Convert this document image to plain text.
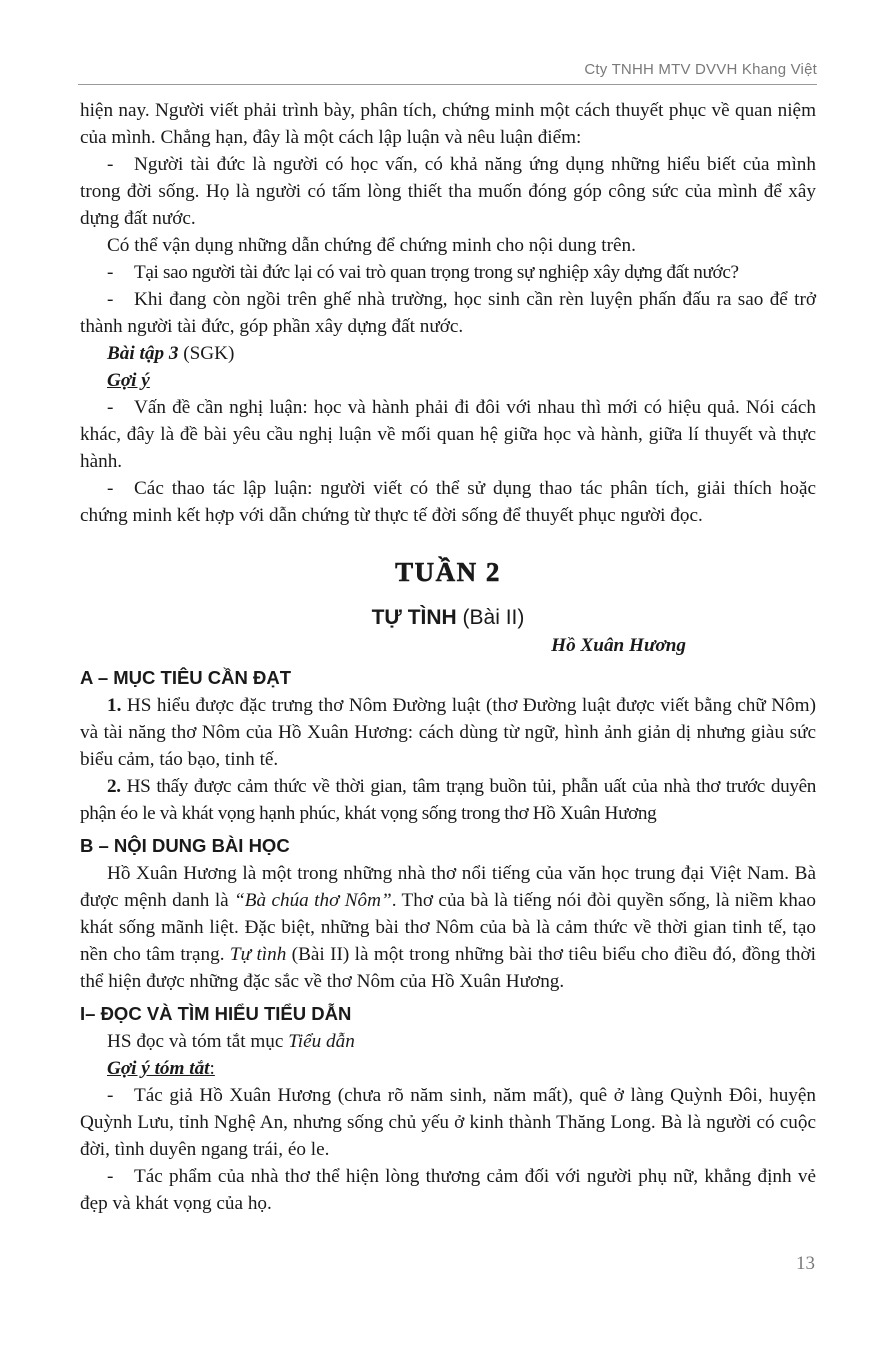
Cty TNHH MTV DVVH Khang Việt

hiện nay. Người viết phải trình bày, phân tích, chứng minh một cách thuyết phục về quan niệm của mình. Chẳng hạn, đây là một cách lập luận và nêu luận điểm:

- Người tài đức là người có học vấn, có khả năng ứng dụng những hiểu biết của mình trong đời sống. Họ là người có tấm lòng thiết tha muốn đóng góp công sức của mình để xây dựng đất nước.

Có thể vận dụng những dẫn chứng để chứng minh cho nội dung trên.

- Tại sao người tài đức lại có vai trò quan trọng trong sự nghiệp xây dựng đất nước?

- Khi đang còn ngồi trên ghế nhà trường, học sinh cần rèn luyện phấn đấu ra sao để trở thành người tài đức, góp phần xây dựng đất nước.

Bài tập 3 (SGK)

Gợi ý

- Vấn đề cần nghị luận: học và hành phải đi đôi với nhau thì mới có hiệu quả. Nói cách khác, đây là đề bài yêu cầu nghị luận về mối quan hệ giữa học và hành, giữa lí thuyết và thực hành.

- Các thao tác lập luận: người viết có thể sử dụng thao tác phân tích, giải thích hoặc chứng minh kết hợp với dẫn chứng từ thực tế đời sống để thuyết phục người đọc.

TUẦN 2
TỰ TÌNH (Bài II)
Hồ Xuân Hương
A – MỤC TIÊU CẦN ĐẠT

1. HS hiểu được đặc trưng thơ Nôm Đường luật (thơ Đường luật được viết bằng chữ Nôm) và tài năng thơ Nôm của Hồ Xuân Hương: cách dùng từ ngữ, hình ảnh giản dị nhưng giàu sức biểu cảm, táo bạo, tinh tế.

2. HS thấy được cảm thức về thời gian, tâm trạng buồn tủi, phẫn uất của nhà thơ trước duyên phận éo le và khát vọng hạnh phúc, khát vọng sống trong thơ Hồ Xuân Hương

B – NỘI DUNG BÀI HỌC

Hồ Xuân Hương là một trong những nhà thơ nổi tiếng của văn học trung đại Việt Nam. Bà được mệnh danh là “Bà chúa thơ Nôm”. Thơ của bà là tiếng nói đòi quyền sống, là niềm khao khát sống mãnh liệt. Đặc biệt, những bài thơ Nôm của bà là cảm thức về thời gian tinh tế, tạo nền cho tâm trạng. Tự tình (Bài II) là một trong những bài thơ tiêu biểu cho điều đó, đồng thời thể hiện được những đặc sắc về thơ Nôm của Hồ Xuân Hương.

I– ĐỌC VÀ TÌM HIỂU TIỂU DẪN

HS đọc và tóm tắt mục Tiểu dẫn

Gợi ý tóm tắt:

- Tác giả Hồ Xuân Hương (chưa rõ năm sinh, năm mất), quê ở làng Quỳnh Đôi, huyện Quỳnh Lưu, tỉnh Nghệ An, nhưng sống chủ yếu ở kinh thành Thăng Long. Bà là người có cuộc đời, tình duyên ngang trái, éo le.

- Tác phẩm của nhà thơ thể hiện lòng thương cảm đối với người phụ nữ, khẳng định vẻ đẹp và khát vọng của họ.

13
